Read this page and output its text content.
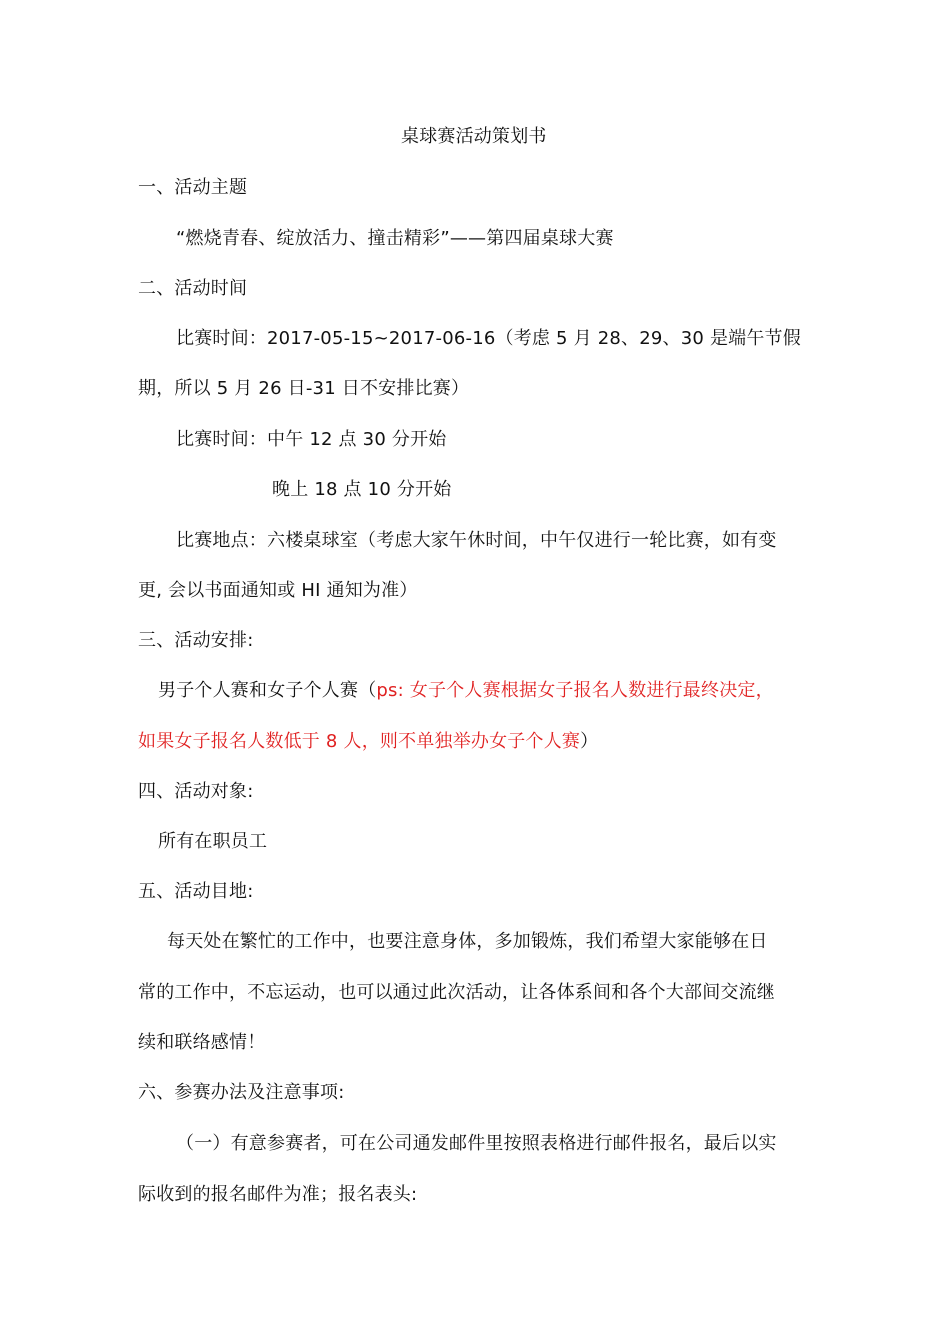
桌球赛活动策划书
一、活动主题
“燃烧青春、绽放活力、撞击精彩”——第四届桌球大赛
二、活动时间
比赛时间：2017-05-15~2017-06-16（考虑 5 月 28、29、30 是端午节假
期，所以 5 月 26 日-31 日不安排比赛）
比赛时间：中午 12 点 30 分开始
晚上 18 点 10 分开始
比赛地点：六楼桌球室（考虑大家午休时间，中午仅进行一轮比赛，如有变
更, 会以书面通知或 HI 通知为准）
三、活动安排:
男子个人赛和女子个人赛（ps: 女子个人赛根据女子报名人数进行最终决定，
如果女子报名人数低于 8 人，则不单独举办女子个人赛）
四、活动对象:
所有在职员工
五、活动目地:
每天处在繁忙的工作中，也要注意身体，多加锻炼，我们希望大家能够在日
常的工作中，不忘运动，也可以通过此次活动，让各体系间和各个大部间交流继
续和联络感情！
六、参赛办法及注意事项:
（一）有意参赛者，可在公司通发邮件里按照表格进行邮件报名，最后以实
际收到的报名邮件为准；报名表头:
